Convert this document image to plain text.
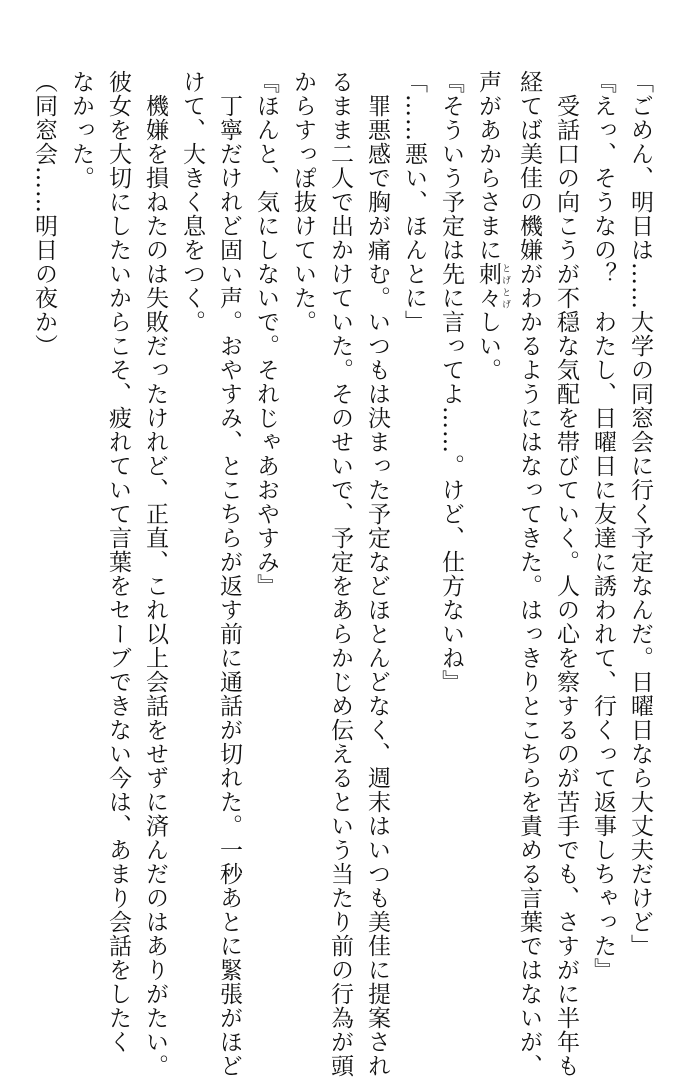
「ごめん、明日は……大学の同窓会に行く予定なんだ。日曜日なら大丈夫だけど」
『えっ、そうなの？　わたし、日曜日に友達に誘われて、行くって返事しちゃった』
　受話口の向こうが不穏な気配を帯びていく。人の心を察するのが苦手でも、さすがに半年も
経てば美佳の機嫌がわかるようにはなってきた。はっきりとこちらを責める言葉ではないが、
声があからさまに刺々 とげとげしい。
『そういう予定は先に言ってよ……。けど、仕方ないね』
「……悪い、ほんとに」
　罪悪感で胸が痛む。いつもは決まった予定などほとんどなく、週末はいつも美佳に提案され
るまま二人で出かけていた。そのせいで、予定をあらかじめ伝えるという当たり前の行為が頭
からすっぽ抜けていた。
『ほんと、気にしないで。それじゃあおやすみ』
　丁寧だけれど固い声。おやすみ、とこちらが返す前に通話が切れた。一秒あとに緊張がほど
けて、大きく息をつく。
　機嫌を損ねたのは失敗だったけれど、正直、これ以上会話をせずに済んだのはありがたい。
彼女を大切にしたいからこそ、疲れていて言葉をセーブできない今は、あまり会話をしたく
なかった。
（同窓会……明日の夜か）
